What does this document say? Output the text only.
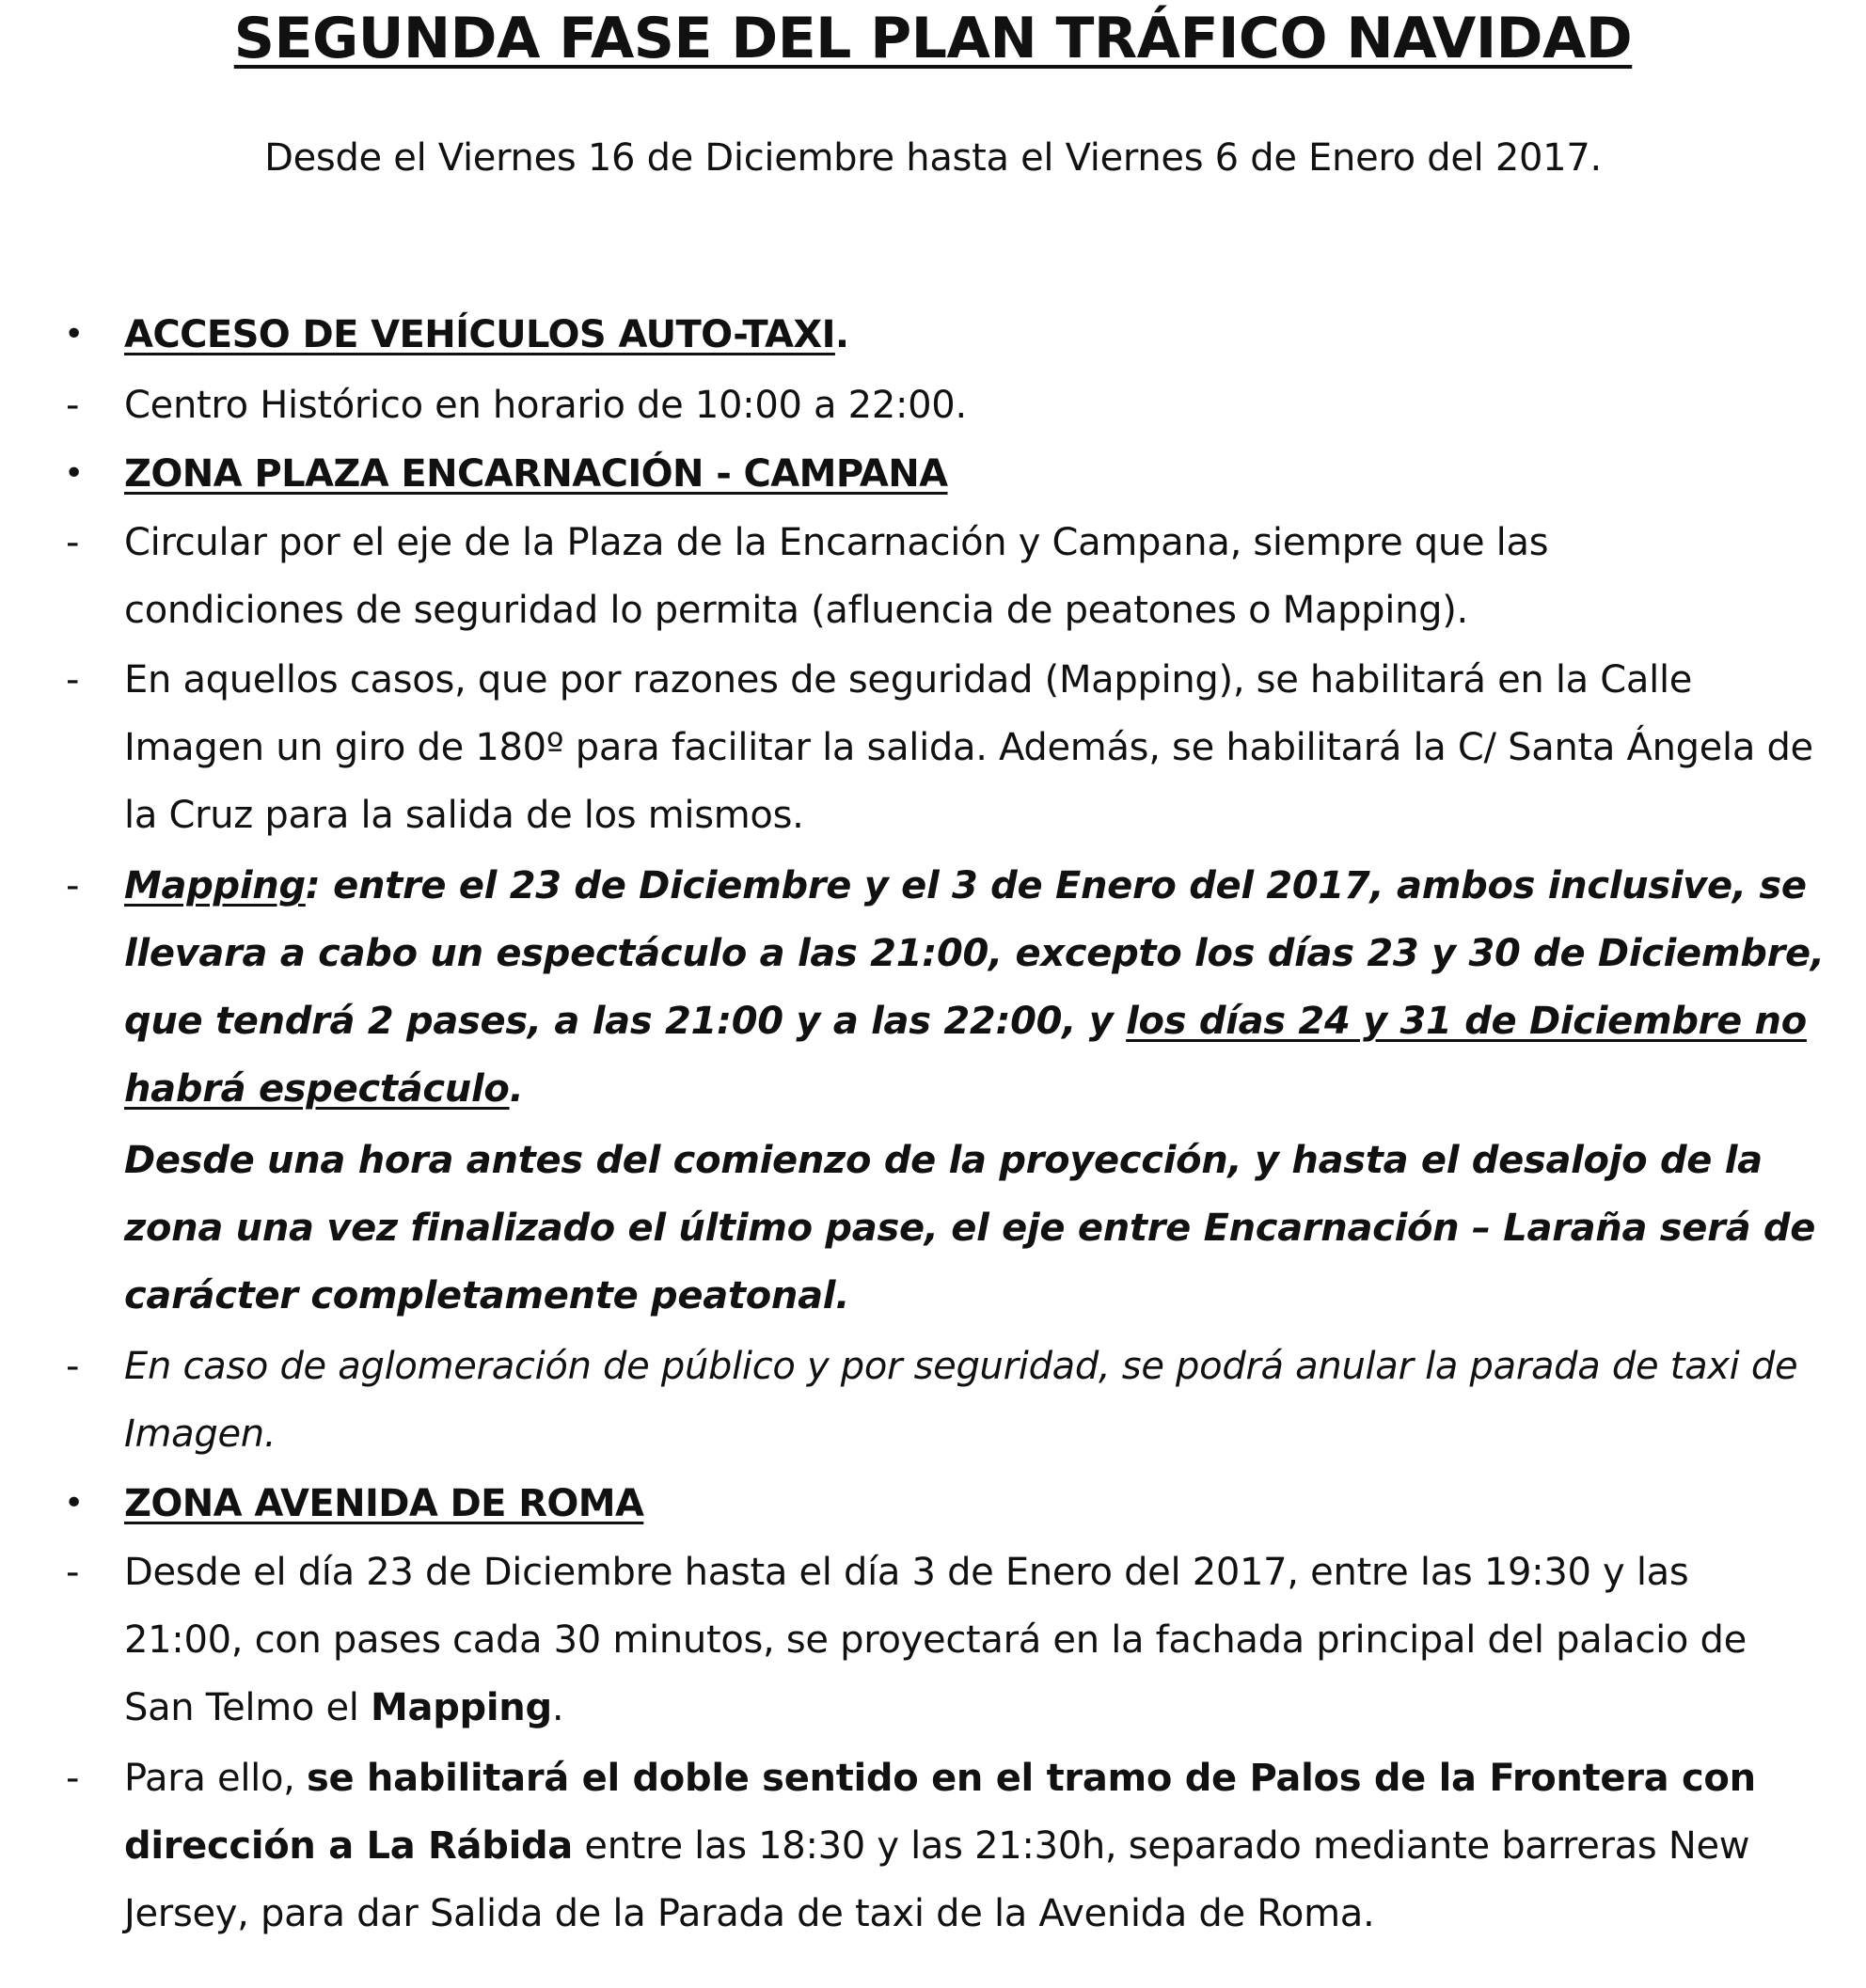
SEGUNDA FASE DEL PLAN TRÁFICO NAVIDAD

Desde el Viernes 16 de Diciembre hasta el Viernes 6 de Enero del 2017.

• ACCESO DE VEHÍCULOS AUTO-TAXI.

- Centro Histórico en horario de 10:00 a 22:00.

• ZONA PLAZA ENCARNACIÓN - CAMPANA

- Circular por el eje de la Plaza de la Encarnación y Campana, siempre que las condiciones de seguridad lo permita (afluencia de peatones o Mapping).

- En aquellos casos, que por razones de seguridad (Mapping), se habilitará en la Calle Imagen un giro de 180º para facilitar la salida. Además, se habilitará la C/ Santa Ángela de la Cruz para la salida de los mismos.

- Mapping: entre el 23 de Diciembre y el 3 de Enero del 2017, ambos inclusive, se llevara a cabo un espectáculo a las 21:00, excepto los días 23 y 30 de Diciembre, que tendrá 2 pases, a las 21:00 y a las 22:00, y los días 24 y 31 de Diciembre no habrá espectáculo.

Desde una hora antes del comienzo de la proyección, y hasta el desalojo de la zona una vez finalizado el último pase, el eje entre Encarnación – Laraña será de carácter completamente peatonal.

- En caso de aglomeración de público y por seguridad, se podrá anular la parada de taxi de Imagen.

• ZONA AVENIDA DE ROMA

- Desde el día 23 de Diciembre hasta el día 3 de Enero del 2017, entre las 19:30 y las 21:00, con pases cada 30 minutos, se proyectará en la fachada principal del palacio de San Telmo el Mapping.
- Para ello, se habilitará el doble sentido en el tramo de Palos de la Frontera con dirección a La Rábida entre las 18:30 y las 21:30h, separado mediante barreras New Jersey, para dar Salida de la Parada de taxi de la Avenida de Roma.
